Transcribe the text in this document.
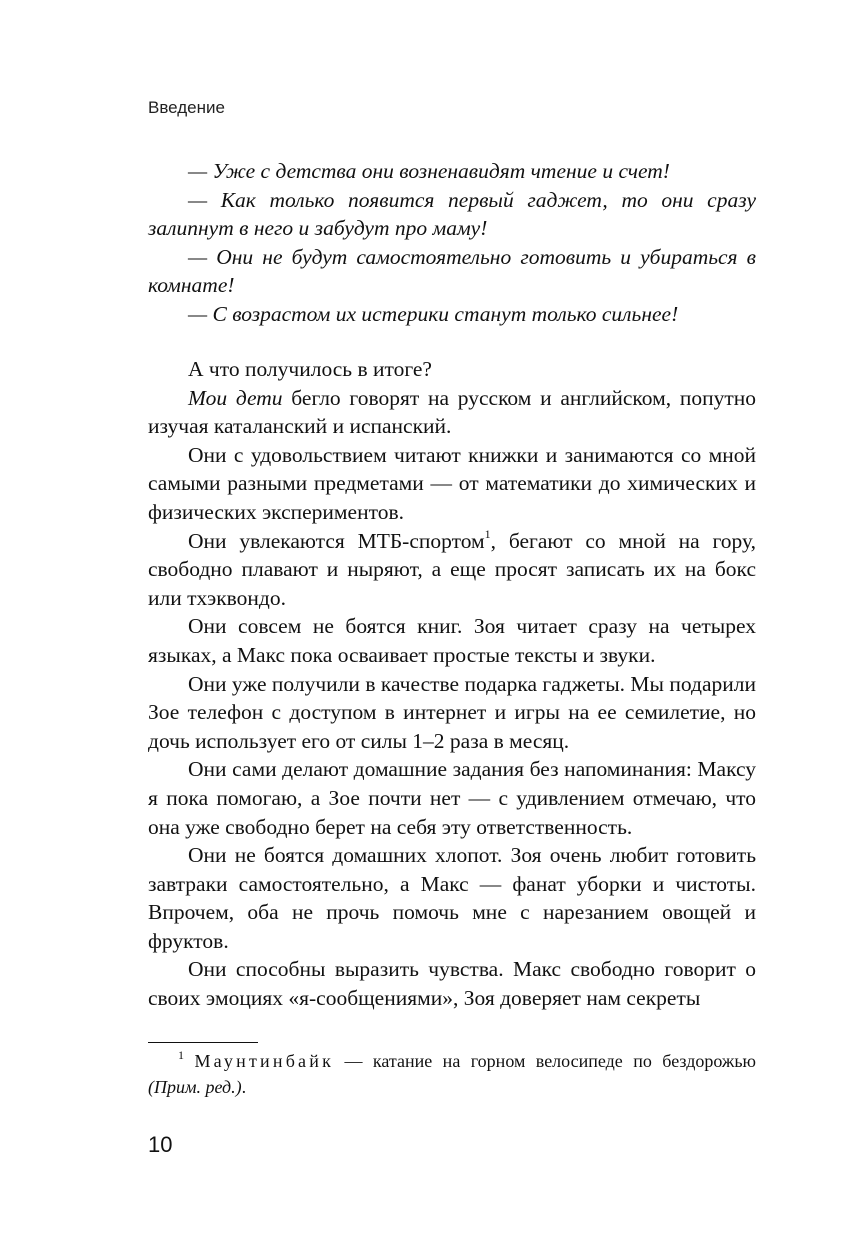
Введение

— Уже с детства они возненавидят чтение и счет!

— Как только появится первый гаджет, то они сразу залипнут в него и забудут про маму!

— Они не будут самостоятельно готовить и убираться в комнате!

— С возрастом их истерики станут только сильнее!

А что получилось в итоге?

Мои дети бегло говорят на русском и английском, попутно изучая каталанский и испанский.

Они с удовольствием читают книжки и занимаются со мной самыми разными предметами — от математики до химических и физических экспериментов.

Они увлекаются МТБ-спортом$^1$, бегают со мной на гору, свободно плавают и ныряют, а еще просят записать их на бокс или тхэквондо.

Они совсем не боятся книг. Зоя читает сразу на четырех языках, а Макс пока осваивает простые тексты и звуки.

Они уже получили в качестве подарка гаджеты. Мы подарили Зое телефон с доступом в интернет и игры на ее семилетие, но дочь использует его от силы 1–2 раза в месяц.

Они сами делают домашние задания без напоминания: Максу я пока помогаю, а Зое почти нет — с удивлением отмечаю, что она уже свободно берет на себя эту ответственность.

Они не боятся домашних хлопот. Зоя очень любит готовить завтраки самостоятельно, а Макс — фанат уборки и чистоты. Впрочем, оба не прочь помочь мне с нарезанием овощей и фруктов.

Они способны выразить чувства. Макс свободно говорит о своих эмоциях «я-сообщениями», Зоя доверяет нам секреты

$^1$ Маунтинбайк — катание на горном велосипеде по бездорожью (Прим. ред.).
10
